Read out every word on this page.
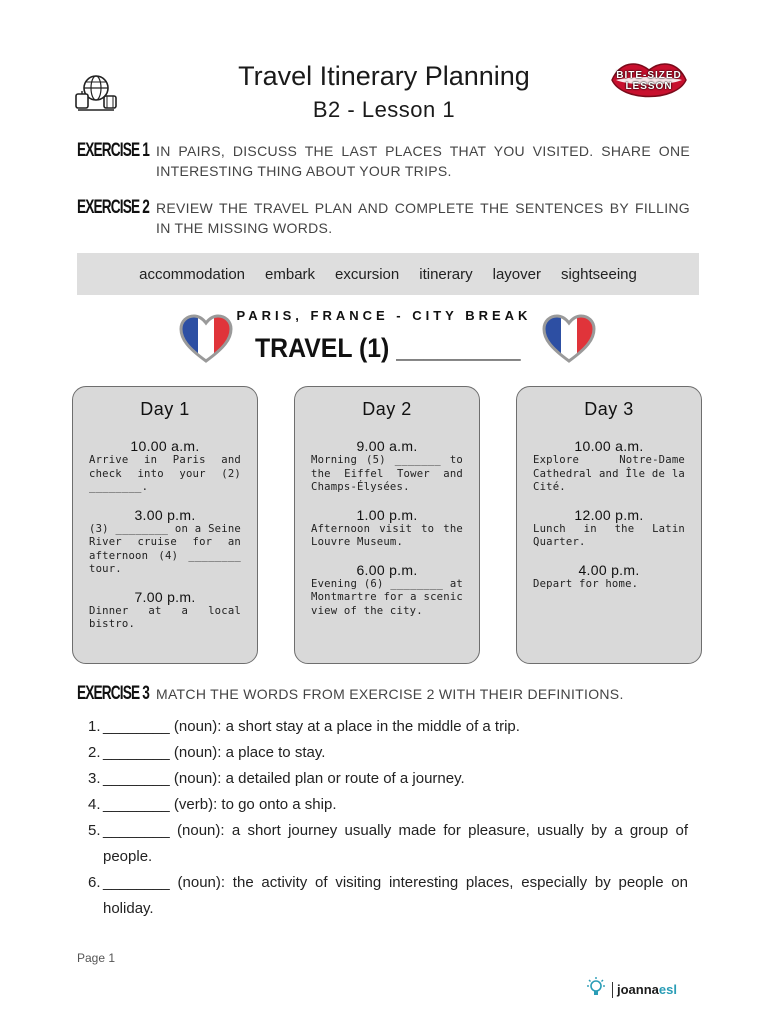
Travel Itinerary Planning
B2 - Lesson 1
BITE-SIZED LESSON
EXERCISE 1 IN PAIRS, DISCUSS THE LAST PLACES THAT YOU VISITED. SHARE ONE INTERESTING THING ABOUT YOUR TRIPS.
EXERCISE 2 REVIEW THE TRAVEL PLAN AND COMPLETE THE SENTENCES BY FILLING IN THE MISSING WORDS.
accommodation embark excursion itinerary layover sightseeing
PARIS, FRANCE - CITY BREAK
TRAVEL (1) _________
Day 1
10.00 a.m.
Arrive in Paris and check into your (2) ________.
3.00 p.m.
(3) ________ on a Seine River cruise for an afternoon (4) ________ tour.
7.00 p.m.
Dinner at a local bistro.
Day 2
9.00 a.m.
Morning (5) _______ to the Eiffel Tower and Champs-Élysées.
1.00 p.m.
Afternoon visit to the Louvre Museum.
6.00 p.m.
Evening (6) ________ at Montmartre for a scenic view of the city.
Day 3
10.00 a.m.
Explore Notre-Dame Cathedral and Île de la Cité.
12.00 p.m.
Lunch in the Latin Quarter.
4.00 p.m.
Depart for home.
EXERCISE 3 MATCH THE WORDS FROM EXERCISE 2 WITH THEIR DEFINITIONS.
1. ________ (noun): a short stay at a place in the middle of a trip.
2. ________ (noun): a place to stay.
3. ________ (noun): a detailed plan or route of a journey.
4. ________ (verb): to go onto a ship.
5. ________ (noun): a short journey usually made for pleasure, usually by a group of people.
6. ________ (noun): the activity of visiting interesting places, especially by people on holiday.
Page 1
joannaesl
